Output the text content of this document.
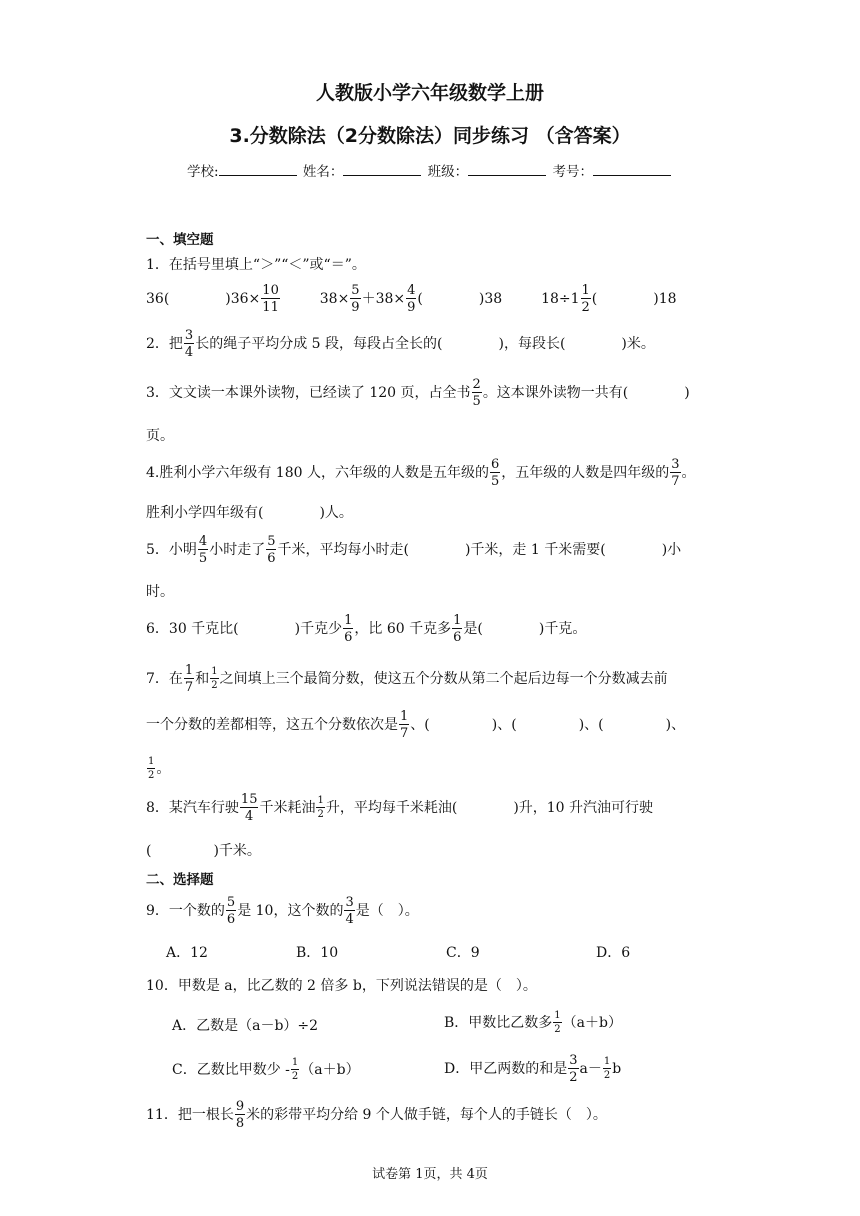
人教版小学六年级数学上册
3.分数除法（2分数除法）同步练习 （含答案）
学校:	姓名：	班级：	考号：
一、填空题
1．在括号里填上“＞”“＜”或“＝”。
36(	)$36\times \frac{10}{11}$	$38\times \frac{5}{9} +38\times \frac{4}{9}$ (	)38	$18\div 1 \frac{1}{2}$ (	)18
2．把 $\frac{3}{4}$ 长的绳子平均分成 5 段，每段占全长的(	)，每段长(	)米。
3．文文读一本课外读物，已经读了 120 页，占全书 $\frac{2}{5}$ 。这本课外读物一共有(	)
页。
4.胜利小学六年级有 180 人，六年级的人数是五年级的 $\frac{6}{5}$ ，五年级的人数是四年级的 $\frac{3}{7}$ 。
胜利小学四年级有(	)人。
5．小明 $\frac{4}{5}$ 小时走了 $\frac{5}{6}$ 千米，平均每小时走(	)千米，走 1 千米需要(	)小
时。
6．30 千克比(	)千克少 $\frac{1}{6}$ ，比 60 千克多 $\frac{1}{6}$ 是(	)千克。
7．在 $\frac{1}{7}$ 和 $\frac{1}{2}$ 之间填上三个最简分数，使这五个分数从第二个起后边每一个分数减去前
一个分数的差都相等，这五个分数依次是 $\frac{1}{7}$ 、(	)、(	)、(	)、
$\frac{1}{2}$ 。
8．某汽车行驶 $\frac{15}{4}$ 千米耗油 $\frac{1}{2}$ 升，平均每千米耗油(	)升，10 升汽油可行驶
(	)千米。
二、选择题
9．一个数的 $\frac{5}{6}$ 是 10，这个数的 $\frac{3}{4}$ 是（　）。
A．12	B．10	C．9	D．6
10．甲数是 a，比乙数的 2 倍多 b，下列说法错误的是（　）。
A．乙数是（a－b）÷2	B．甲数比乙数多 $\frac{1}{2} (a+b)$
C．乙数比甲数少 - $\frac{1}{2} (a+b)$	D．甲乙两数的和是 $\frac{3}{2} a- \frac{1}{2}$ b
11．把一根长 $\frac{9}{8}$ 米的彩带平均分给 9 个人做手链，每个人的手链长（　）。
试卷第 1页，共 4页
